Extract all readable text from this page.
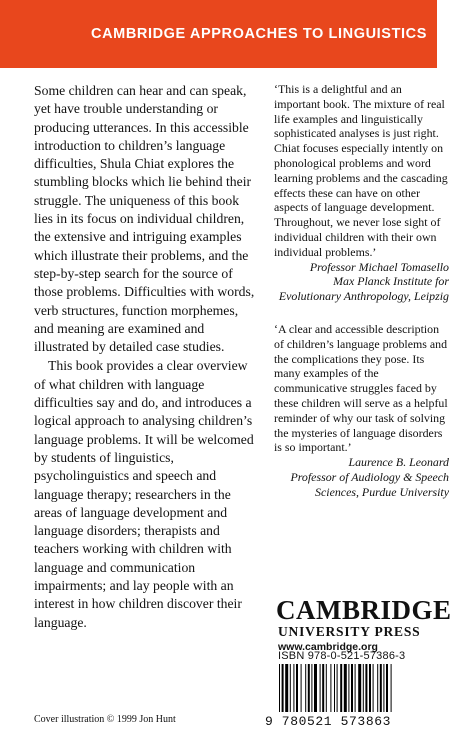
CAMBRIDGE APPROACHES TO LINGUISTICS

Some children can hear and can speak, yet have trouble understanding or producing utterances. In this accessible introduction to children’s language difficulties, Shula Chiat explores the stumbling blocks which lie behind their struggle. The uniqueness of this book lies in its focus on individual children, the extensive and intriguing examples which illustrate their problems, and the step-by-step search for the source of those problems. Difficulties with words, verb structures, function morphemes, and meaning are examined and illustrated by detailed case studies.

This book provides a clear overview of what children with language difficulties say and do, and introduces a logical approach to analysing children’s language problems. It will be welcomed by students of linguistics, psycholinguistics and speech and language therapy; researchers in the areas of language development and language disorders; therapists and teachers working with children with language and communication impairments; and lay people with an interest in how children discover their language.

‘This is a delightful and an important book. The mixture of real life examples and linguistically sophisticated analyses is just right. Chiat focuses especially intently on phonological problems and word learning problems and the cascading effects these can have on other aspects of language development. Throughout, we never lose sight of individual children with their own individual problems.’

Professor Michael Tomasello
Max Planck Institute for Evolutionary Anthropology, Leipzig

‘A clear and accessible description of children’s language problems and the complications they pose. Its many examples of the communicative struggles faced by these children will serve as a helpful reminder of why our task of solving the mysteries of language disorders is so important.’

Laurence B. Leonard
Professor of Audiology & Speech Sciences, Purdue University

CAMBRIDGE
UNIVERSITY PRESS
www.cambridge.org
ISBN 978-0-521-57386-3
9 780521 573863
Cover illustration © 1999 Jon Hunt
